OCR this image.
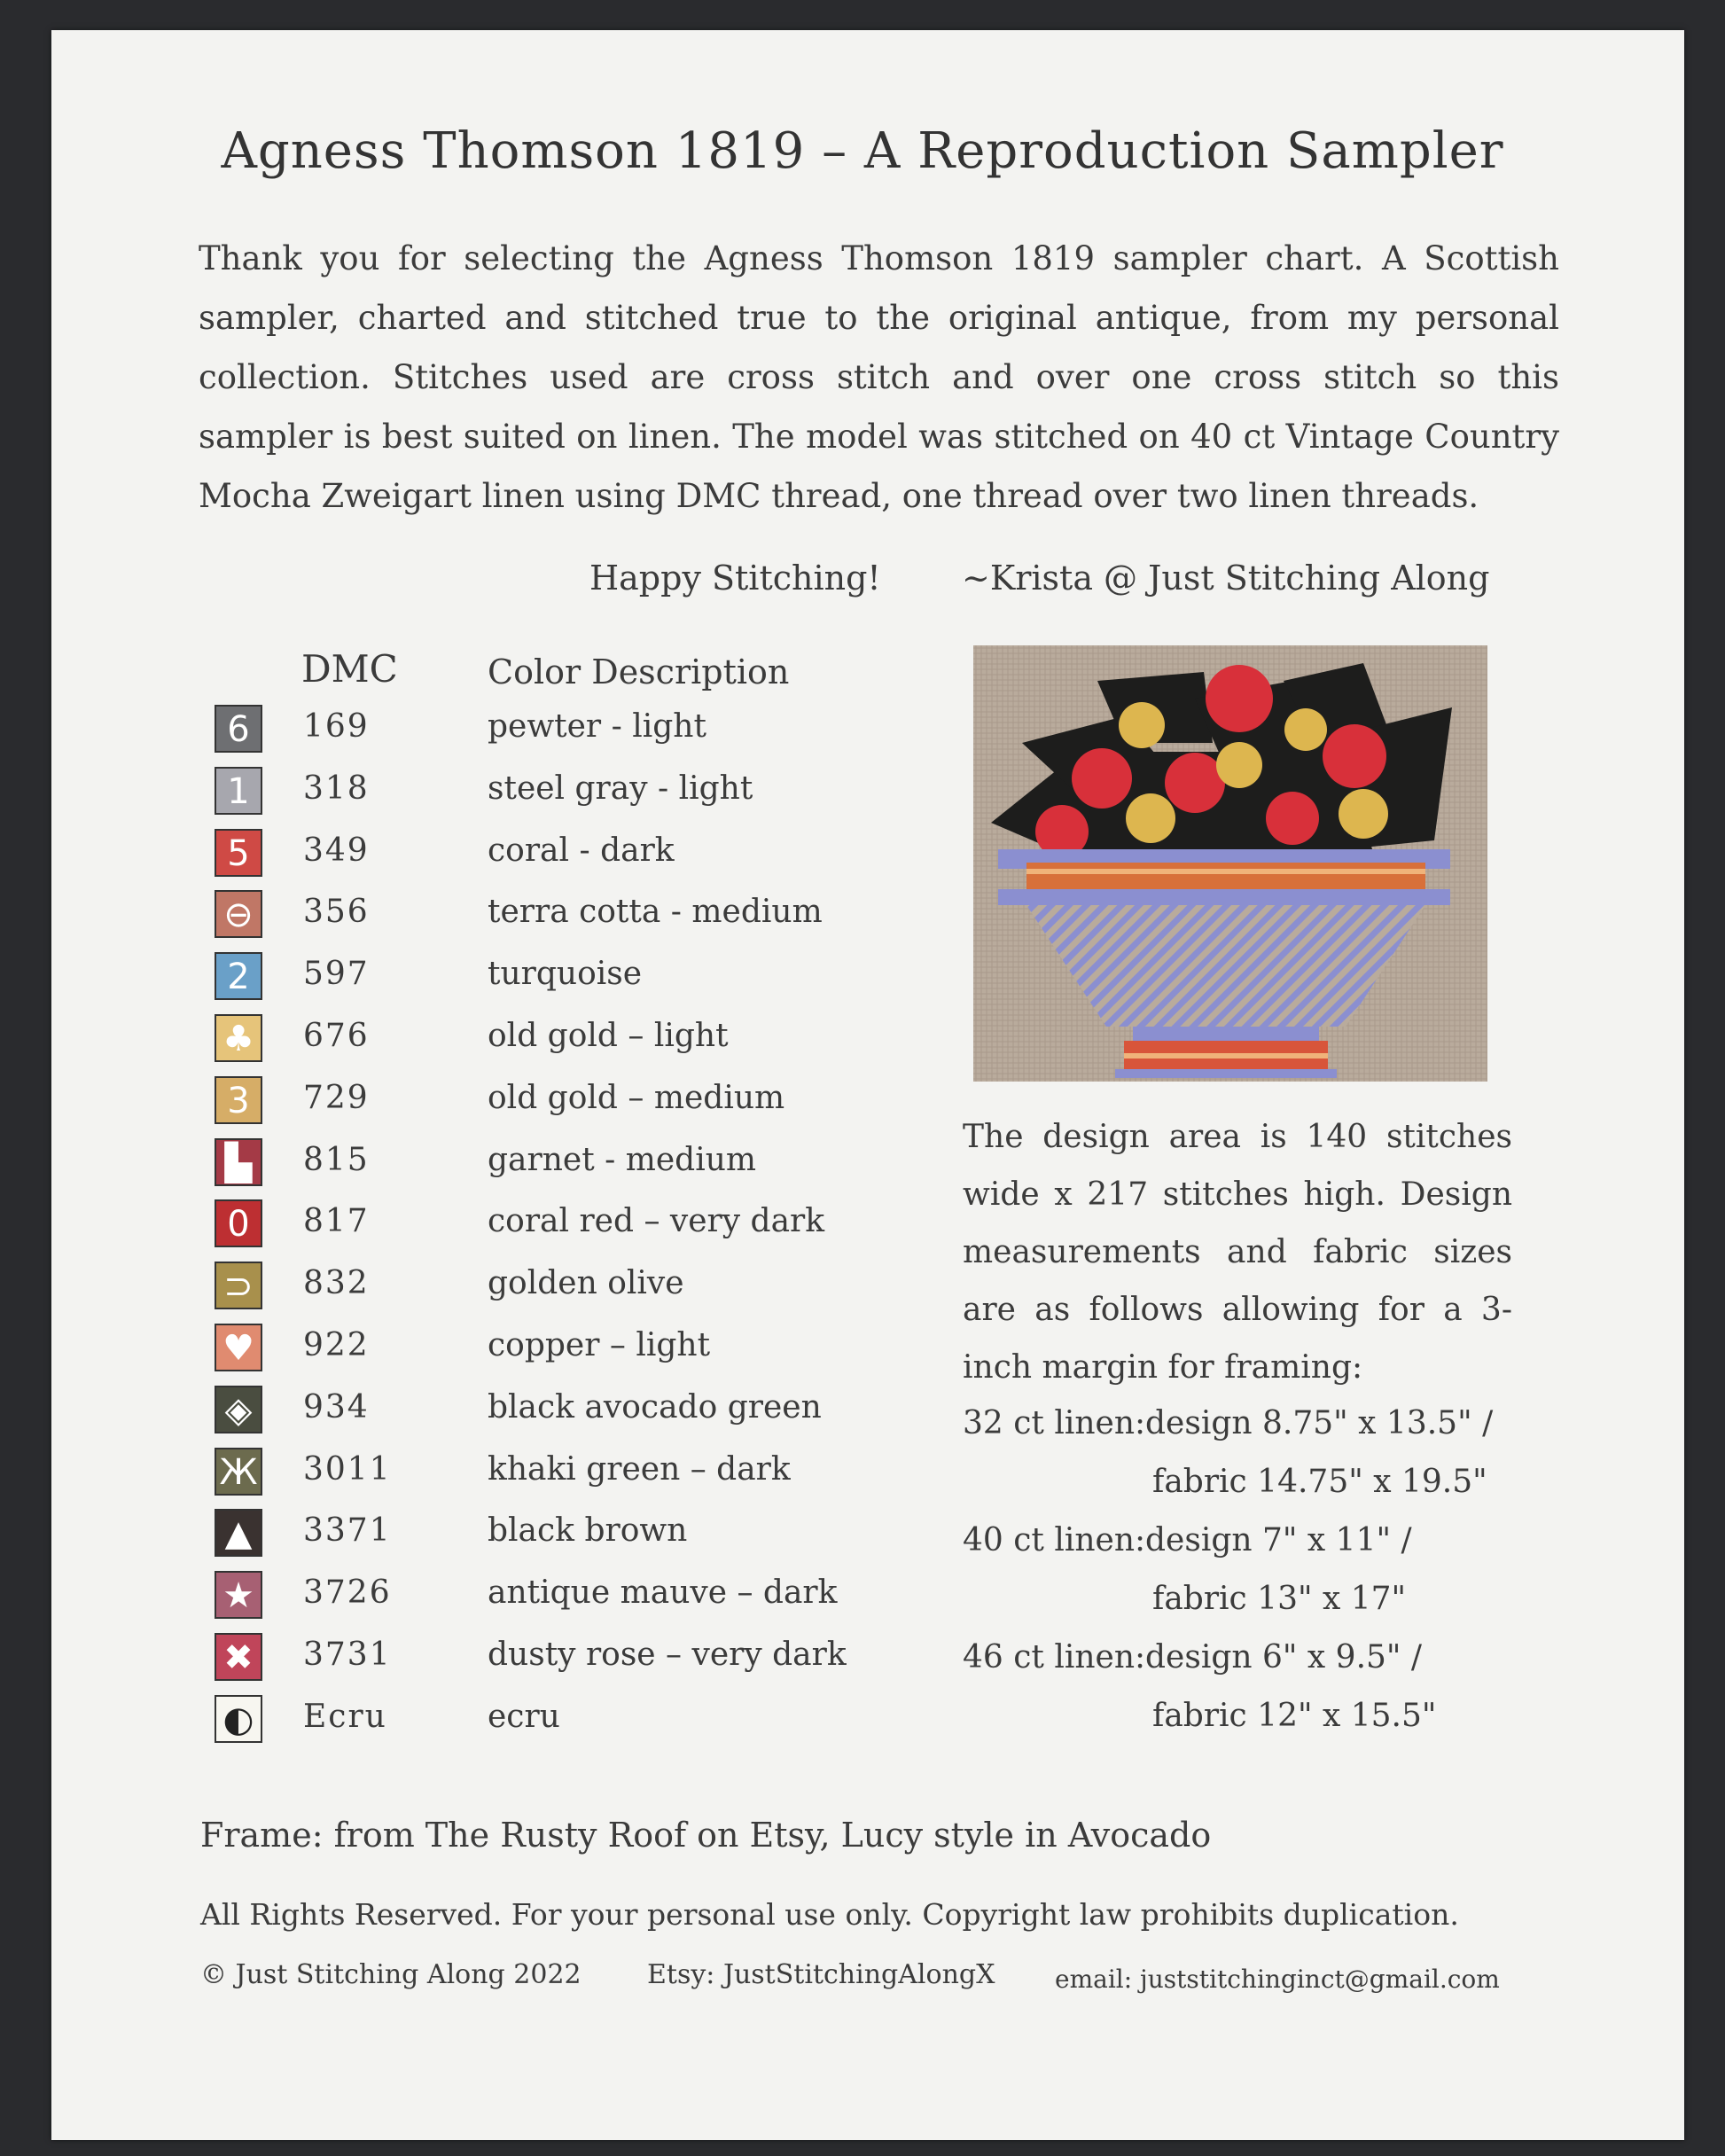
Agness Thomson 1819 – A Reproduction Sampler
Thank you for selecting the Agness Thomson 1819 sampler chart. A Scottish sampler, charted and stitched true to the original antique, from my personal collection. Stitches used are cross stitch and over one cross stitch so this sampler is best suited on linen. The model was stitched on 40 ct Vintage Country Mocha Zweigart linen using DMC thread, one thread over two linen threads.
Happy Stitching! ~Krista @ Just Stitching Along
DMC	Color Description
6	169	pewter - light
1	318	steel gray - light
5	349	coral - dark
⊖ 356	terra cotta - medium
2	597	turquoise
♣ 676	old gold – light
3	729	old gold – medium
▙	815	garnet - medium
0	817	coral red – very dark
⊃ 832	golden olive
♥ 922	copper – light
◈	934	black avocado green
Ж 3011	khaki green – dark
▲	3371	black brown
★ 3726	antique mauve – dark
✖ 3731	dusty rose – very dark
◐ Ecru	ecru
The design area is 140 stitches wide x 217 stitches high. Design measurements and fabric sizes are as follows allowing for a 3-inch margin for framing:
32 ct linen: design 8.75" x 13.5" /
fabric 14.75" x 19.5"
40 ct linen: design 7" x 11" /
fabric 13" x 17"
46 ct linen: design 6" x 9.5" /
fabric 12" x 15.5"
Frame: from The Rusty Roof on Etsy, Lucy style in Avocado
All Rights Reserved. For your personal use only. Copyright law prohibits duplication.
© Just Stitching Along 2022 Etsy: JustStitchingAlongX email: juststitchinginct@gmail.com
